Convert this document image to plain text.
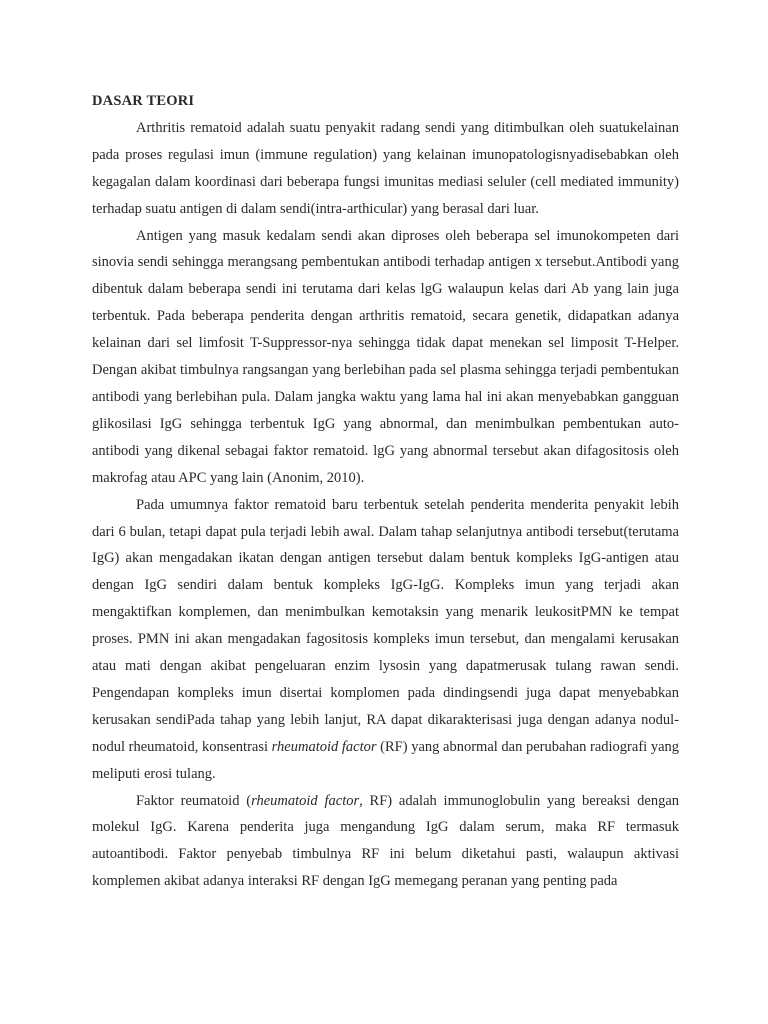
DASAR TEORI

Arthritis rematoid adalah suatu penyakit radang sendi yang ditimbulkan oleh suatukelainan pada proses regulasi imun (immune regulation) yang kelainan imunopatologisnyadisebabkan oleh kegagalan dalam koordinasi dari beberapa fungsi imunitas mediasi seluler (cell mediated immunity) terhadap suatu antigen di dalam sendi(intra-arthicular) yang berasal dari luar.

Antigen yang masuk kedalam sendi akan diproses oleh beberapa sel imunokompeten dari sinovia sendi sehingga merangsang pembentukan antibodi terhadap antigen x tersebut.Antibodi yang dibentuk dalam beberapa sendi ini terutama dari kelas lgG walaupun kelas dari Ab yang lain juga terbentuk. Pada beberapa penderita dengan arthritis rematoid, secara genetik, didapatkan adanya kelainan dari sel limfosit T-Suppressor-nya sehingga tidak dapat menekan sel limposit T-Helper. Dengan akibat timbulnya rangsangan yang berlebihan pada sel plasma sehingga terjadi pembentukan antibodi yang berlebihan pula. Dalam jangka waktu yang lama hal ini akan menyebabkan gangguan glikosilasi IgG sehingga terbentuk IgG yang abnormal, dan menimbulkan pembentukan auto-antibodi yang dikenal sebagai faktor rematoid. lgG yang abnormal tersebut akan difagositosis oleh makrofag atau APC yang lain (Anonim, 2010).

Pada umumnya faktor rematoid baru terbentuk setelah penderita menderita penyakit lebih dari 6 bulan, tetapi dapat pula terjadi lebih awal. Dalam tahap selanjutnya antibodi tersebut(terutama IgG) akan mengadakan ikatan dengan antigen tersebut dalam bentuk kompleks IgG-antigen atau dengan IgG sendiri dalam bentuk kompleks IgG-IgG. Kompleks imun yang terjadi akan mengaktifkan komplemen, dan menimbulkan kemotaksin yang menarik leukositPMN ke tempat proses. PMN ini akan mengadakan fagositosis kompleks imun tersebut, dan mengalami kerusakan atau mati dengan akibat pengeluaran enzim lysosin yang dapatmerusak tulang rawan sendi. Pengendapan kompleks imun disertai komplomen pada dindingsendi juga dapat menyebabkan kerusakan sendiPada tahap yang lebih lanjut, RA dapat dikarakterisasi juga dengan adanya nodul-nodul rheumatoid, konsentrasi rheumatoid factor (RF) yang abnormal dan perubahan radiografi yang meliputi erosi tulang.

Faktor reumatoid (rheumatoid factor, RF) adalah immunoglobulin yang bereaksi dengan molekul IgG. Karena penderita juga mengandung IgG dalam serum, maka RF termasuk autoantibodi. Faktor penyebab timbulnya RF ini belum diketahui pasti, walaupun aktivasi komplemen akibat adanya interaksi RF dengan IgG memegang peranan yang penting pada
